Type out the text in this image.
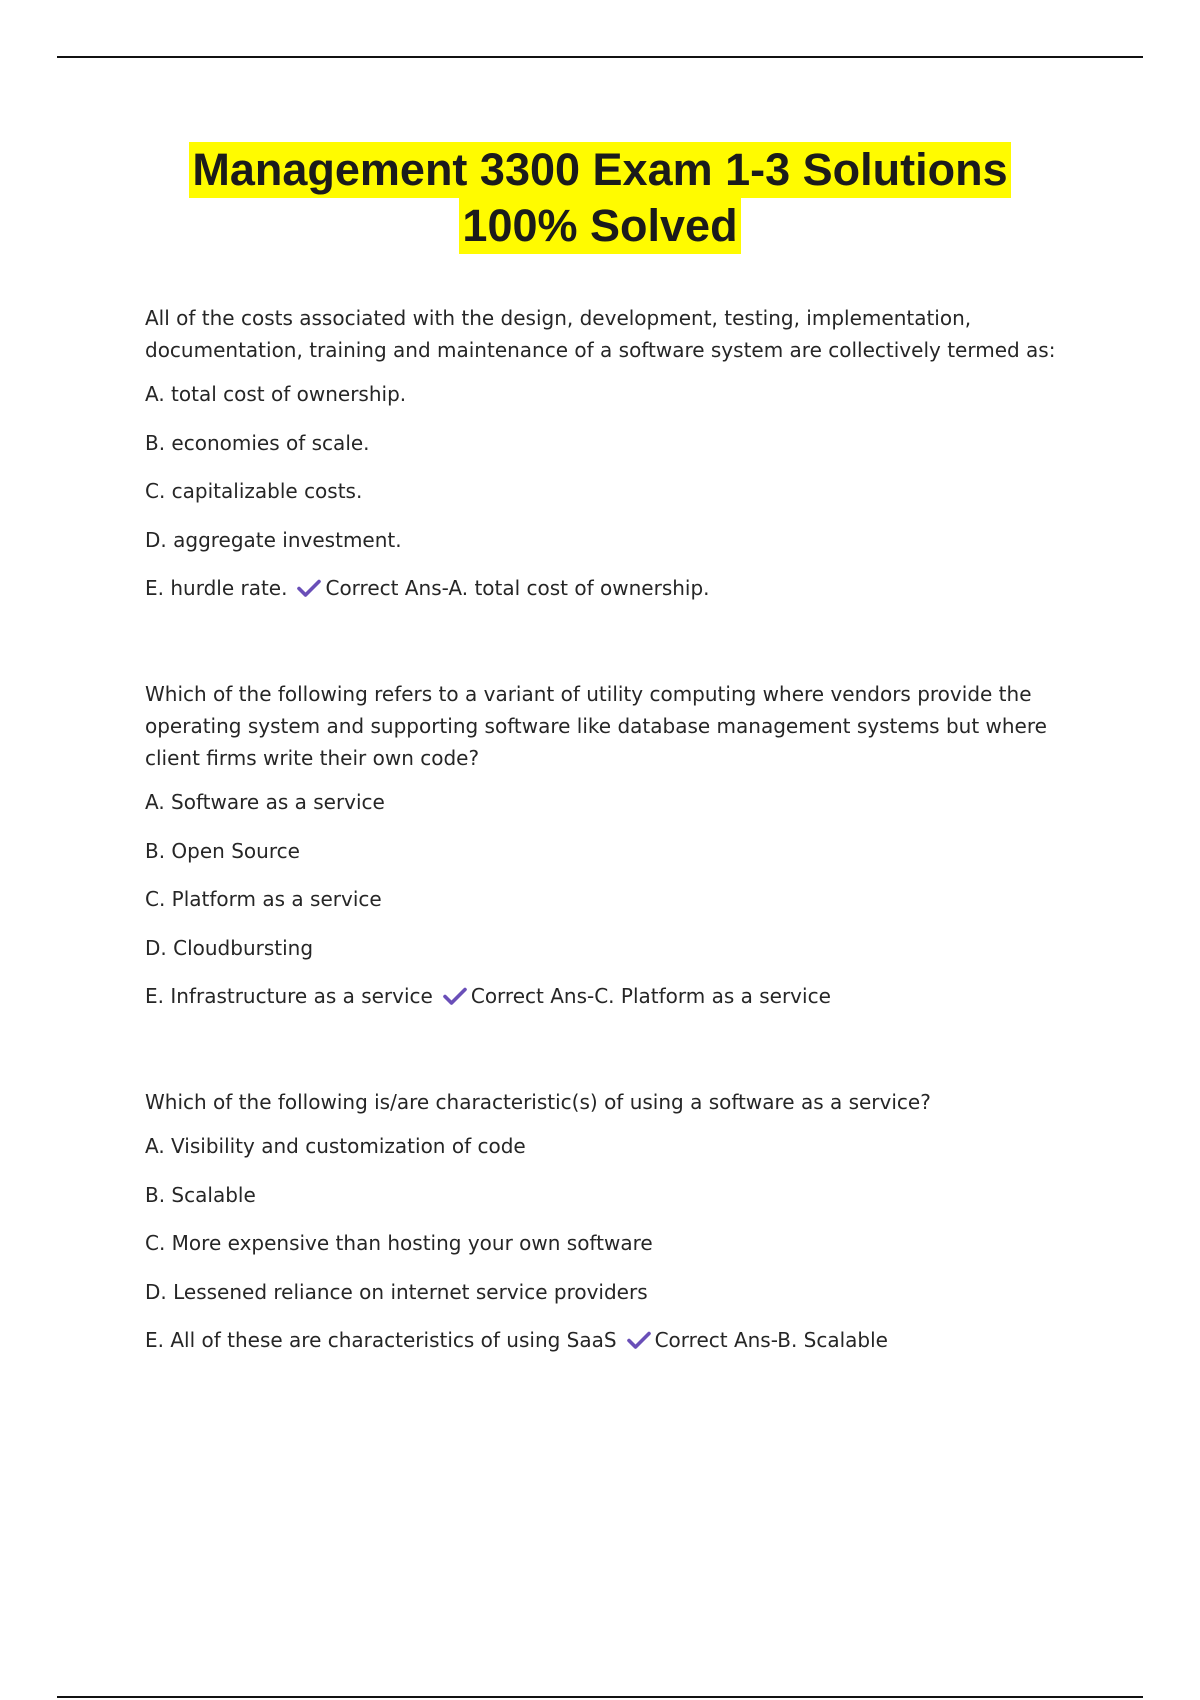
Management 3300 Exam 1-3 Solutions
100% Solved
All of the costs associated with the design, development, testing, implementation, documentation, training and maintenance of a software system are collectively termed as:
A. total cost of ownership.
B. economies of scale.
C. capitalizable costs.
D. aggregate investment.
E. hurdle rate. Correct Ans-A. total cost of ownership.
Which of the following refers to a variant of utility computing where vendors provide the operating system and supporting software like database management systems but where client firms write their own code?
A. Software as a service
B. Open Source
C. Platform as a service
D. Cloudbursting
E. Infrastructure as a service Correct Ans-C. Platform as a service
Which of the following is/are characteristic(s) of using a software as a service?
A. Visibility and customization of code
B. Scalable
C. More expensive than hosting your own software
D. Lessened reliance on internet service providers
E. All of these are characteristics of using SaaS Correct Ans-B. Scalable
